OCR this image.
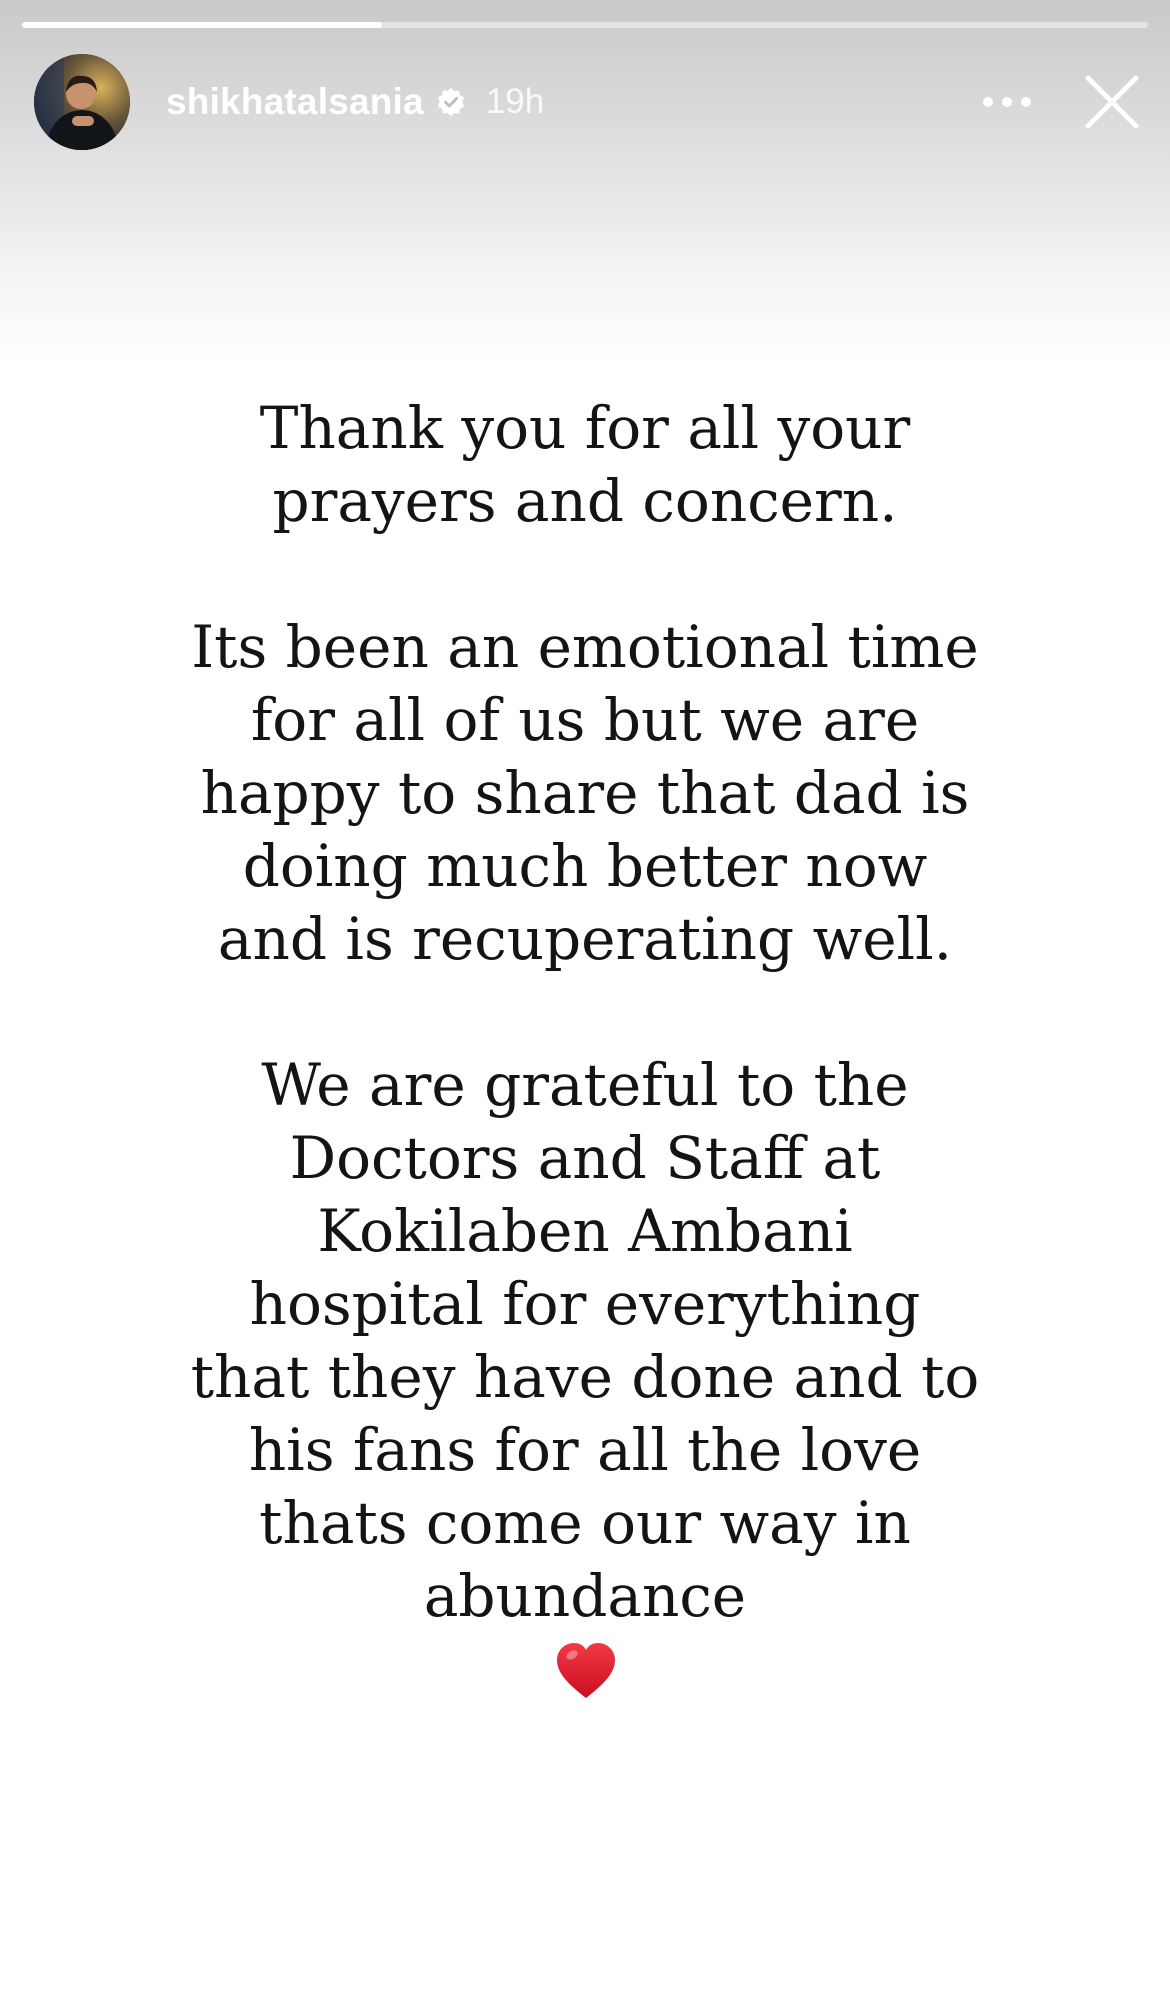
shikhatalsania 19h

Thank you for all your
prayers and concern.

Its been an emotional time
for all of us but we are
happy to share that dad is
doing much better now
and is recuperating well.

We are grateful to the
Doctors and Staff at
Kokilaben Ambani
hospital for everything
that they have done and to
his fans for all the love
thats come our way in
abundance
